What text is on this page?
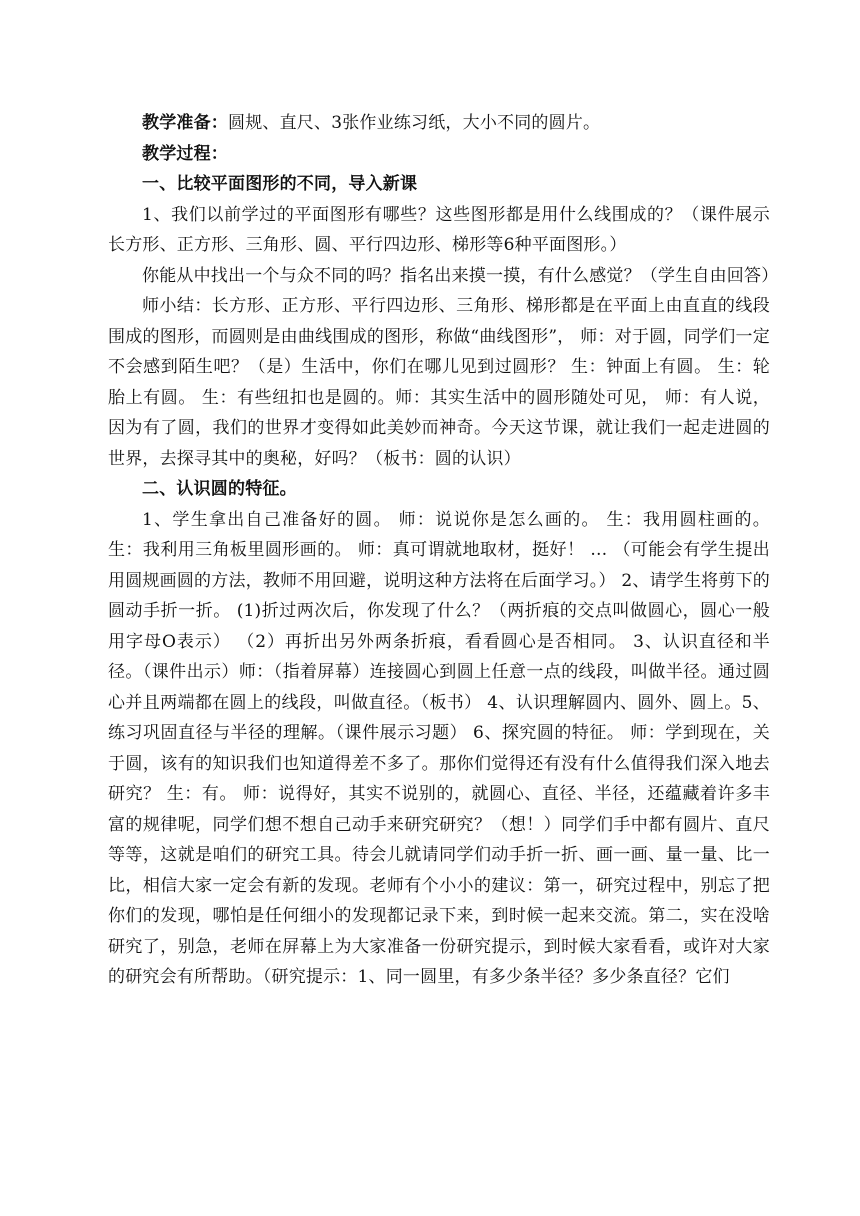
教学准备：圆规、直尺、3张作业练习纸，大小不同的圆片。

教学过程：

一、比较平面图形的不同，导入新课

1、我们以前学过的平面图形有哪些？这些图形都是用什么线围成的？（课件展示长方形、正方形、三角形、圆、平行四边形、梯形等6种平面图形。）

你能从中找出一个与众不同的吗？指名出来摸一摸，有什么感觉？（学生自由回答）

师小结：长方形、正方形、平行四边形、三角形、梯形都是在平面上由直直的线段围成的图形，而圆则是由曲线围成的图形，称做“曲线图形”， 师：对于圆，同学们一定不会感到陌生吧？（是）生活中，你们在哪儿见到过圆形？ 生：钟面上有圆。 生：轮胎上有圆。 生：有些纽扣也是圆的。师：其实生活中的圆形随处可见， 师：有人说，因为有了圆，我们的世界才变得如此美妙而神奇。今天这节课，就让我们一起走进圆的世界，去探寻其中的奥秘，好吗？（板书：圆的认识）

二、认识圆的特征。

1、学生拿出自己准备好的圆。 师：说说你是怎么画的。 生：我用圆柱画的。 生：我利用三角板里圆形画的。 师：真可谓就地取材，挺好！ … （可能会有学生提出用圆规画圆的方法，教师不用回避，说明这种方法将在后面学习。） 2、请学生将剪下的圆动手折一折。 (1)折过两次后，你发现了什么？（两折痕的交点叫做圆心，圆心一般用字母O表示） （2）再折出另外两条折痕，看看圆心是否相同。 3、认识直径和半径。（课件出示）师：（指着屏幕）连接圆心到圆上任意一点的线段，叫做半径。通过圆心并且两端都在圆上的线段，叫做直径。（板书） 4、认识理解圆内、圆外、圆上。5、练习巩固直径与半径的理解。（课件展示习题） 6、探究圆的特征。 师：学到现在，关于圆，该有的知识我们也知道得差不多了。那你们觉得还有没有什么值得我们深入地去研究？ 生：有。 师：说得好，其实不说别的，就圆心、直径、半径，还蕴藏着许多丰富的规律呢，同学们想不想自己动手来研究研究？（想！）同学们手中都有圆片、直尺等等，这就是咱们的研究工具。待会儿就请同学们动手折一折、画一画、量一量、比一比，相信大家一定会有新的发现。老师有个小小的建议：第一，研究过程中，别忘了把你们的发现，哪怕是任何细小的发现都记录下来，到时候一起来交流。第二，实在没啥研究了，别急，老师在屏幕上为大家准备一份研究提示，到时候大家看看，或许对大家的研究会有所帮助。（研究提示：1、同一圆里，有多少条半径？多少条直径？它们
